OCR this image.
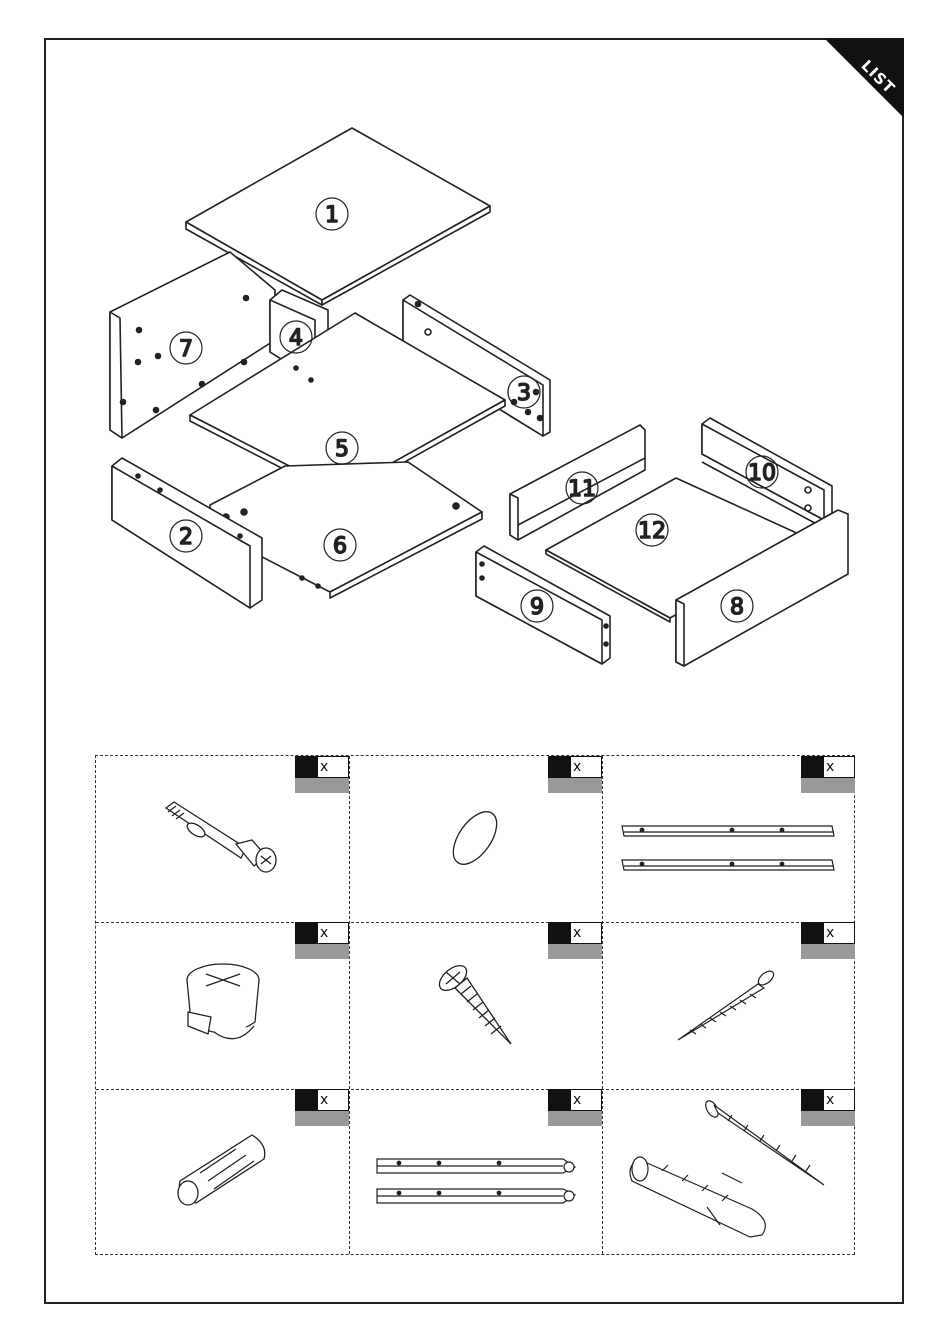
LIST
1
7	4
3
5
2	6
8
9
10
11
12
x	x	x
x	x	x
x	x	x
